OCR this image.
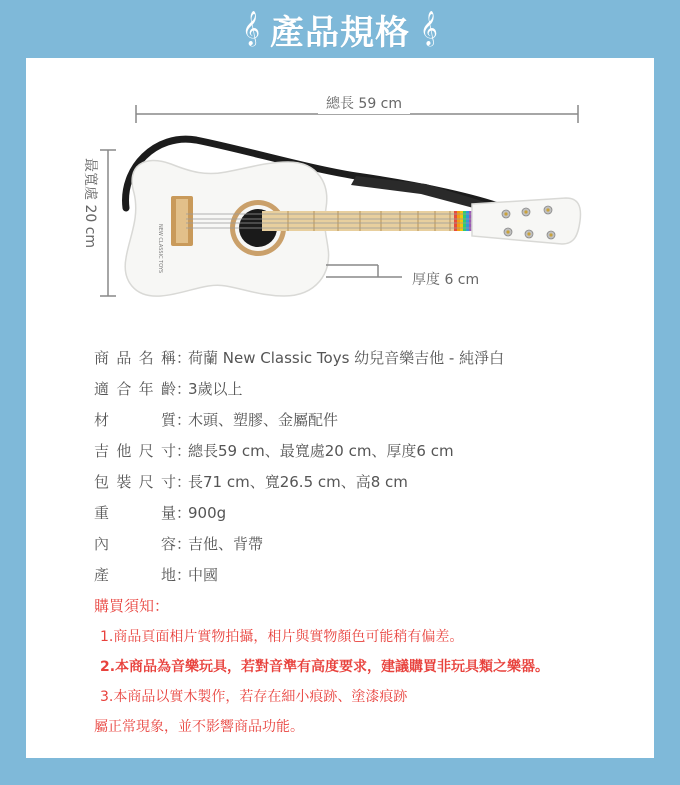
𝄞 產品規格 𝄞
總長 59 cm
最寬處 20 cm
NEW CLASSIC TOYS
厚度 6 cm
商品名稱：荷蘭 New Classic Toys 幼兒音樂吉他 - 純淨白
適合年齡：3歲以上
材　　質：木頭、塑膠、金屬配件
吉他尺寸：總長59 cm、最寬處20 cm、厚度6 cm
包裝尺寸：長71 cm、寬26.5 cm、高8 cm
重　　量：900g
內　　容：吉他、背帶
產　　地：中國
購買須知：
1.商品頁面相片實物拍攝，相片與實物顏色可能稍有偏差。
2.本商品為音樂玩具，若對音準有高度要求，建議購買非玩具類之樂器。
3.本商品以實木製作，若存在細小痕跡、塗漆痕跡
屬正常現象，並不影響商品功能。
